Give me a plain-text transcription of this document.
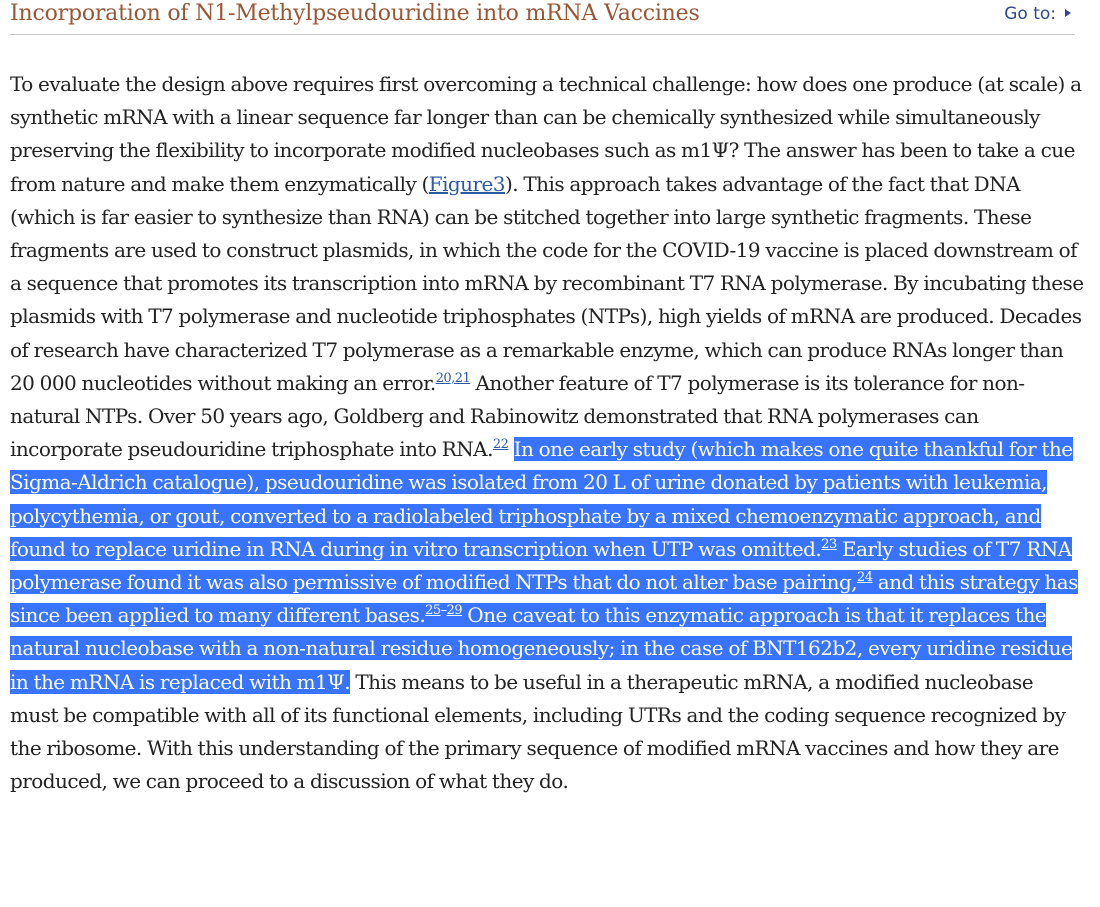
Incorporation of N1-Methylpseudouridine into mRNA Vaccines	Go to:

To evaluate the design above requires first overcoming a technical challenge: how does one produce (at scale) a synthetic mRNA with a linear sequence far longer than can be chemically synthesized while simultaneously preserving the flexibility to incorporate modified nucleobases such as m1Ψ? The answer has been to take a cue from nature and make them enzymatically (Figure3). This approach takes advantage of the fact that DNA (which is far easier to synthesize than RNA) can be stitched together into large synthetic fragments. These fragments are used to construct plasmids, in which the code for the COVID-19 vaccine is placed downstream of a sequence that promotes its transcription into mRNA by recombinant T7 RNA polymerase. By incubating these plasmids with T7 polymerase and nucleotide triphosphates (NTPs), high yields of mRNA are produced. Decades of research have characterized T7 polymerase as a remarkable enzyme, which can produce RNAs longer than 20 000 nucleotides without making an error.$^{20,21}$ Another feature of T7 polymerase is its tolerance for non-natural NTPs. Over 50 years ago, Goldberg and Rabinowitz demonstrated that RNA polymerases can incorporate pseudouridine triphosphate into RNA.$^{22}$ In one early study (which makes one quite thankful for the Sigma-Aldrich catalogue), pseudouridine was isolated from 20 L of urine donated by patients with leukemia, polycythemia, or gout, converted to a radiolabeled triphosphate by a mixed chemoenzymatic approach, and found to replace uridine in RNA during in vitro transcription when UTP was omitted.$^{23}$ Early studies of T7 RNA polymerase found it was also permissive of modified NTPs that do not alter base pairing,$^{24}$ and this strategy has since been applied to many different bases.$^{25-29}$ One caveat to this enzymatic approach is that it replaces the natural nucleobase with a non-natural residue homogeneously; in the case of BNT162b2, every uridine residue in the mRNA is replaced with m1Ψ. This means to be useful in a therapeutic mRNA, a modified nucleobase must be compatible with all of its functional elements, including UTRs and the coding sequence recognized by the ribosome. With this understanding of the primary sequence of modified mRNA vaccines and how they are produced, we can proceed to a discussion of what they do.
